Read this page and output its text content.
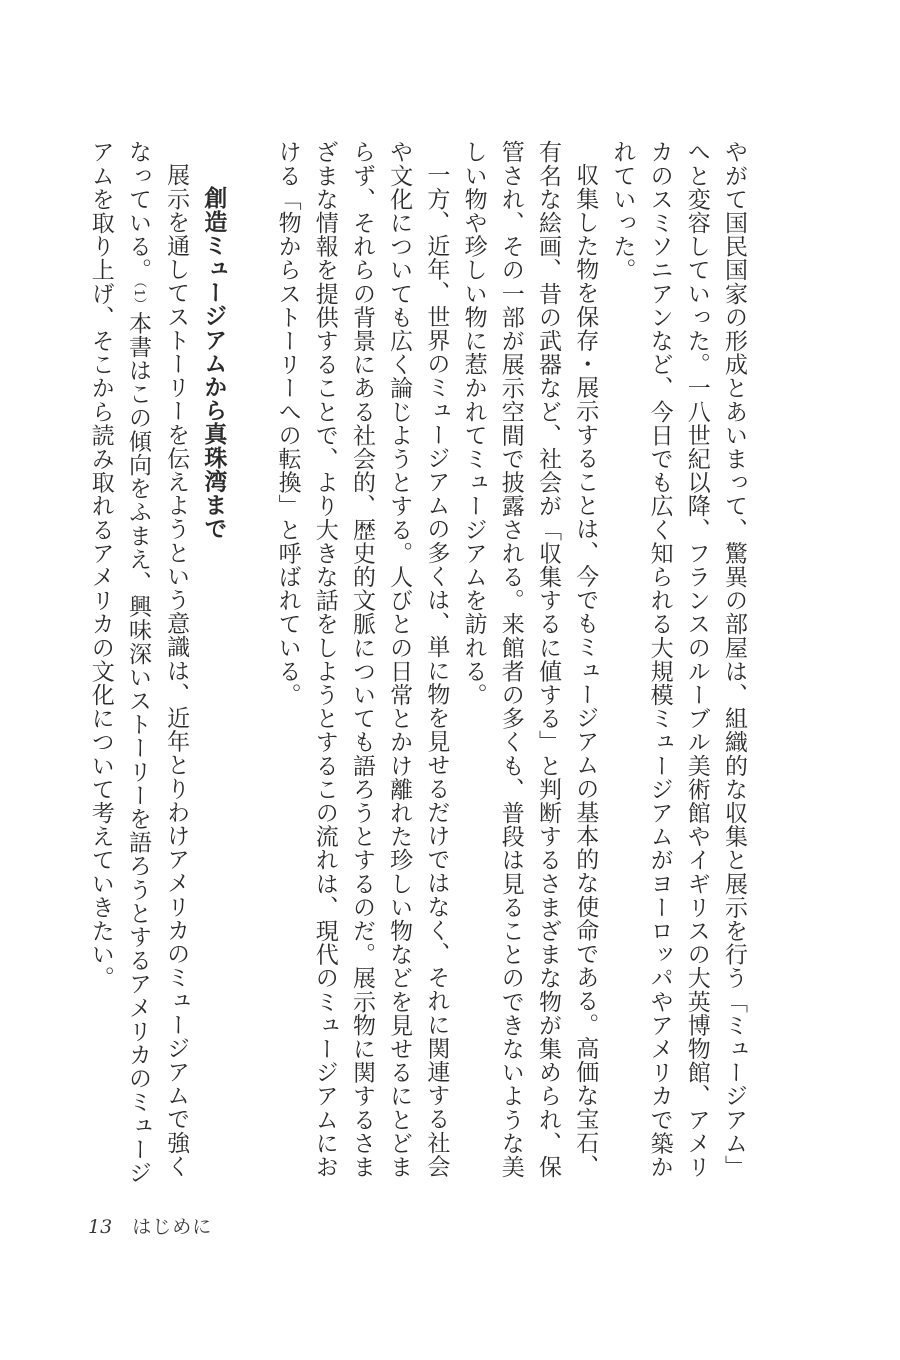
やがて国民国家の形成とあいまって、驚異の部屋は、組織的な収集と展示を行う「ミュージアム」へと変容していった。一八世紀以降、フランスのルーブル美術館やイギリスの大英博物館、アメリカのスミソニアンなど、今日でも広く知られる大規模ミュージアムがヨーロッパやアメリカで築かれていった。

収集した物を保存・展示することは、今でもミュージアムの基本的な使命である。高価な宝石、有名な絵画、昔の武器など、社会が「収集するに値する」と判断するさまざまな物が集められ、保管され、その一部が展示空間で披露される。来館者の多くも、普段は見ることのできないような美しい物や珍しい物に惹かれてミュージアムを訪れる。

一方、近年、世界のミュージアムの多くは、単に物を見せるだけではなく、それに関連する社会や文化についても広く論じようとする。人びとの日常とかけ離れた珍しい物などを見せるにとどまらず、それらの背景にある社会的、歴史的文脈についても語ろうとするのだ。展示物に関するさまざまな情報を提供することで、より大きな話をしようとするこの流れは、現代のミュージアムにおける「物からストーリーへの転換」と呼ばれている。

創造ミュージアムから真珠湾まで

展示を通してストーリーを伝えようという意識は、近年とりわけアメリカのミュージアムで強くなっている。（1）本書はこの傾向をふまえ、興味深いストーリーを語ろうとするアメリカのミュージアムを取り上げ、そこから読み取れるアメリカの文化について考えていきたい。

13 はじめに
